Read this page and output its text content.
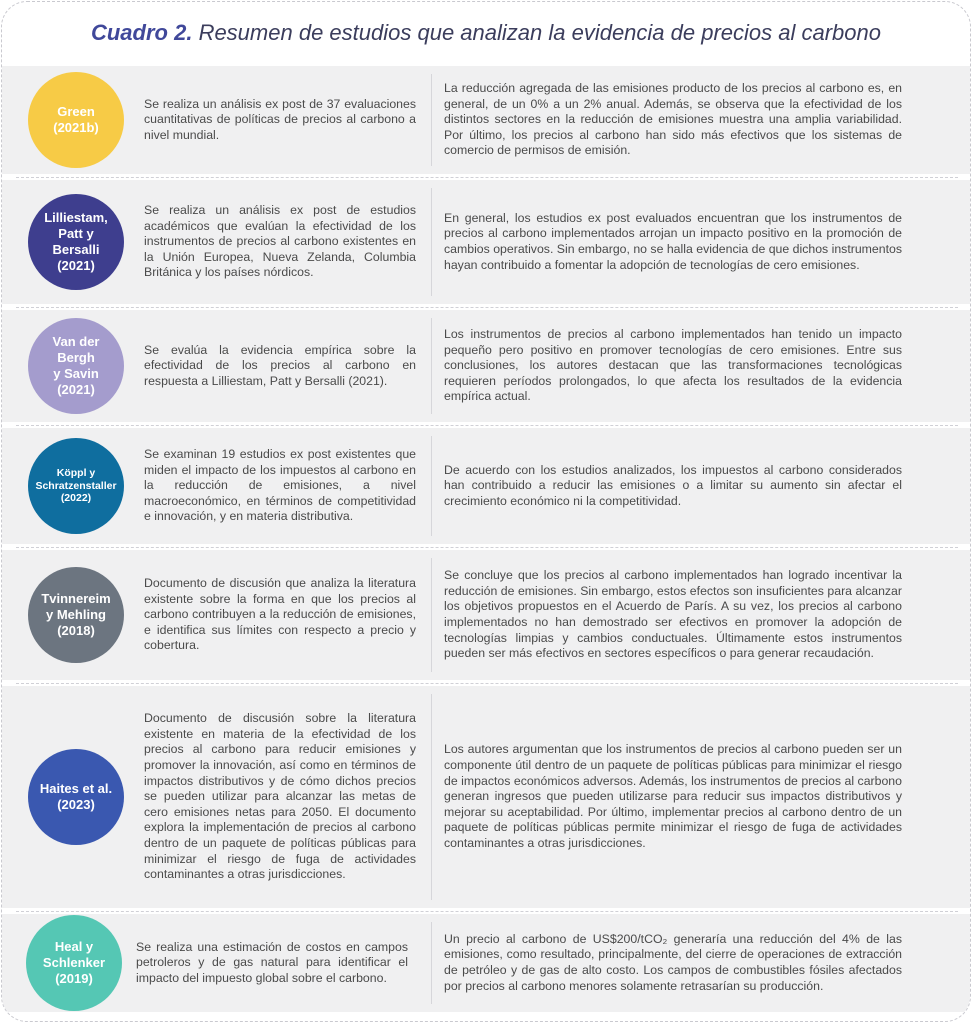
Cuadro 2. Resumen de estudios que analizan la evidencia de precios al carbono
Green
(2021b)
Se realiza un análisis ex post de 37 evaluaciones cuantitativas de políticas de precios al carbono a nivel mundial.
La reducción agregada de las emisiones producto de los precios al carbono es, en general, de un 0% a un 2% anual. Además, se observa que la efectividad de los distintos sectores en la reducción de emisiones muestra una amplia variabilidad. Por último, los precios al carbono han sido más efectivos que los sistemas de comercio de permisos de emisión.
Lilliestam,
Patt y
Bersalli
(2021)
Se realiza un análisis ex post de estudios académicos que evalúan la efectividad de los instrumentos de precios al carbono existentes en la Unión Europea, Nueva Zelanda, Columbia Británica y los países nórdicos.
En general, los estudios ex post evaluados encuentran que los instrumentos de precios al carbono implementados arrojan un impacto positivo en la promoción de cambios operativos. Sin embargo, no se halla evidencia de que dichos instrumentos hayan contribuido a fomentar la adopción de tecnologías de cero emisiones.
Van der
Bergh
y Savin
(2021)
Se evalúa la evidencia empírica sobre la efectividad de los precios al carbono en respuesta a Lilliestam, Patt y Bersalli (2021).
Los instrumentos de precios al carbono implementados han tenido un impacto pequeño pero positivo en promover tecnologías de cero emisiones. Entre sus conclusiones, los autores destacan que las transformaciones tecnológicas requieren períodos prolongados, lo que afecta los resultados de la evidencia empírica actual.
Köppl y
Schratzenstaller
(2022)
Se examinan 19 estudios ex post existentes que miden el impacto de los impuestos al carbono en la reducción de emisiones, a nivel macroeconómico, en términos de competitividad e innovación, y en materia distributiva.
De acuerdo con los estudios analizados, los impuestos al carbono considerados han contribuido a reducir las emisiones o a limitar su aumento sin afectar el crecimiento económico ni la competitividad.
Tvinnereim
y Mehling
(2018)
Documento de discusión que analiza la literatura existente sobre la forma en que los precios al carbono contribuyen a la reducción de emisiones, e identifica sus límites con respecto a precio y cobertura.
Se concluye que los precios al carbono implementados han logrado incentivar la reducción de emisiones. Sin embargo, estos efectos son insuficientes para alcanzar los objetivos propuestos en el Acuerdo de París. A su vez, los precios al carbono implementados no han demostrado ser efectivos en promover la adopción de tecnologías limpias y cambios conductuales. Últimamente estos instrumentos pueden ser más efectivos en sectores específicos o para generar recaudación.
Haites et al.
(2023)
Documento de discusión sobre la literatura existente en materia de la efectividad de los precios al carbono para reducir emisiones y promover la innovación, así como en términos de impactos distributivos y de cómo dichos precios se pueden utilizar para alcanzar las metas de cero emisiones netas para 2050. El documento explora la implementación de precios al carbono dentro de un paquete de políticas públicas para minimizar el riesgo de fuga de actividades contaminantes a otras jurisdicciones.
Los autores argumentan que los instrumentos de precios al carbono pueden ser un componente útil dentro de un paquete de políticas públicas para minimizar el riesgo de impactos económicos adversos. Además, los instrumentos de precios al carbono generan ingresos que pueden utilizarse para reducir sus impactos distributivos y mejorar su aceptabilidad. Por último, implementar precios al carbono dentro de un paquete de políticas públicas permite minimizar el riesgo de fuga de actividades contaminantes a otras jurisdicciones.
Heal y
Schlenker
(2019)
Se realiza una estimación de costos en campos petroleros y de gas natural para identificar el impacto del impuesto global sobre el carbono.
Un precio al carbono de US$200/tCO₂ generaría una reducción del 4% de las emisiones, como resultado, principalmente, del cierre de operaciones de extracción de petróleo y de gas de alto costo. Los campos de combustibles fósiles afectados por precios al carbono menores solamente retrasarían su producción.
